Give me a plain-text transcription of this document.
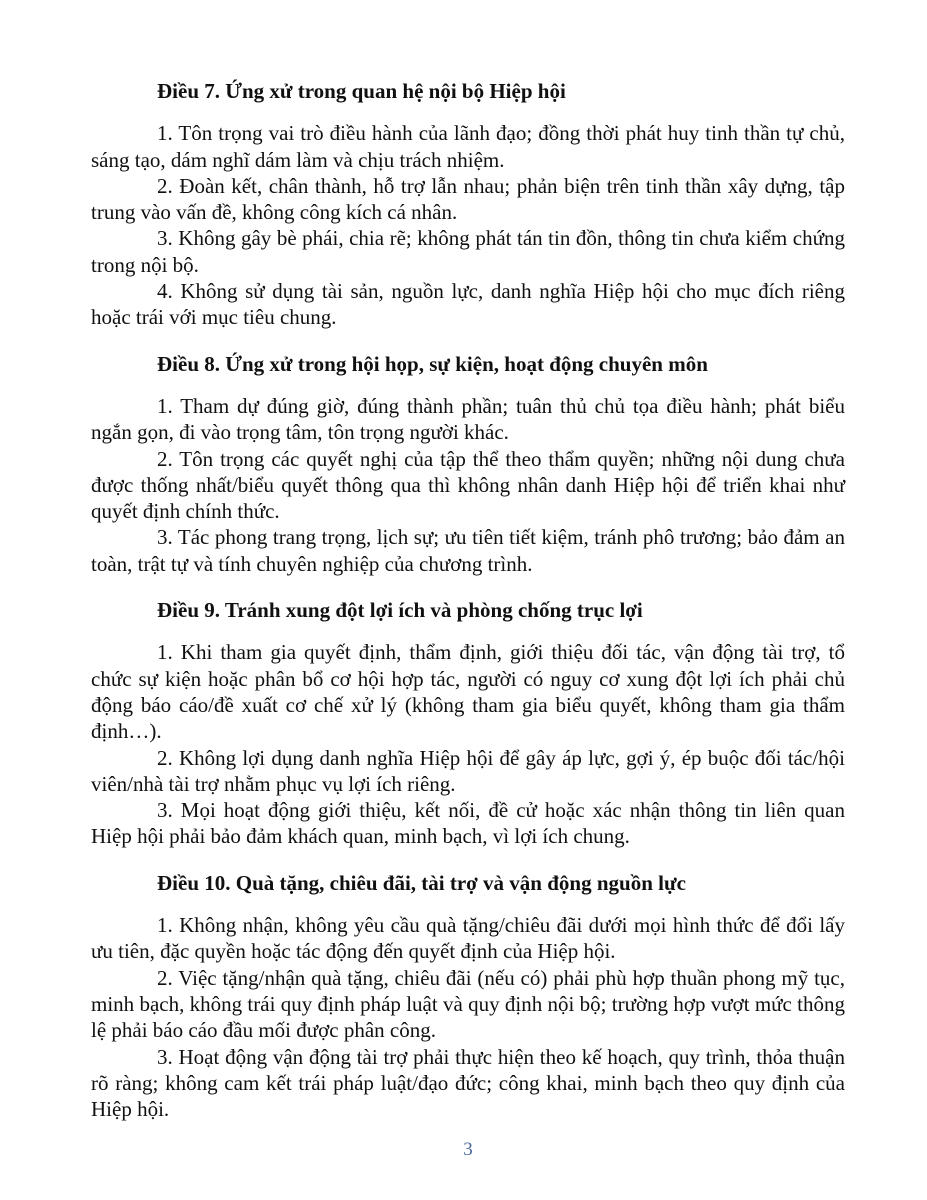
Điều 7. Ứng xử trong quan hệ nội bộ Hiệp hội

1. Tôn trọng vai trò điều hành của lãnh đạo; đồng thời phát huy tinh thần tự chủ, sáng tạo, dám nghĩ dám làm và chịu trách nhiệm.

2. Đoàn kết, chân thành, hỗ trợ lẫn nhau; phản biện trên tinh thần xây dựng, tập trung vào vấn đề, không công kích cá nhân.

3. Không gây bè phái, chia rẽ; không phát tán tin đồn, thông tin chưa kiểm chứng trong nội bộ.

4. Không sử dụng tài sản, nguồn lực, danh nghĩa Hiệp hội cho mục đích riêng hoặc trái với mục tiêu chung.

Điều 8. Ứng xử trong hội họp, sự kiện, hoạt động chuyên môn

1. Tham dự đúng giờ, đúng thành phần; tuân thủ chủ tọa điều hành; phát biểu ngắn gọn, đi vào trọng tâm, tôn trọng người khác.

2. Tôn trọng các quyết nghị của tập thể theo thẩm quyền; những nội dung chưa được thống nhất/biểu quyết thông qua thì không nhân danh Hiệp hội để triển khai như quyết định chính thức.

3. Tác phong trang trọng, lịch sự; ưu tiên tiết kiệm, tránh phô trương; bảo đảm an toàn, trật tự và tính chuyên nghiệp của chương trình.

Điều 9. Tránh xung đột lợi ích và phòng chống trục lợi

1. Khi tham gia quyết định, thẩm định, giới thiệu đối tác, vận động tài trợ, tổ chức sự kiện hoặc phân bổ cơ hội hợp tác, người có nguy cơ xung đột lợi ích phải chủ động báo cáo/đề xuất cơ chế xử lý (không tham gia biểu quyết, không tham gia thẩm định…).

2. Không lợi dụng danh nghĩa Hiệp hội để gây áp lực, gợi ý, ép buộc đối tác/hội viên/nhà tài trợ nhằm phục vụ lợi ích riêng.

3. Mọi hoạt động giới thiệu, kết nối, đề cử hoặc xác nhận thông tin liên quan Hiệp hội phải bảo đảm khách quan, minh bạch, vì lợi ích chung.

Điều 10. Quà tặng, chiêu đãi, tài trợ và vận động nguồn lực

1. Không nhận, không yêu cầu quà tặng/chiêu đãi dưới mọi hình thức để đổi lấy ưu tiên, đặc quyền hoặc tác động đến quyết định của Hiệp hội.

2. Việc tặng/nhận quà tặng, chiêu đãi (nếu có) phải phù hợp thuần phong mỹ tục, minh bạch, không trái quy định pháp luật và quy định nội bộ; trường hợp vượt mức thông lệ phải báo cáo đầu mối được phân công.

3. Hoạt động vận động tài trợ phải thực hiện theo kế hoạch, quy trình, thỏa thuận rõ ràng; không cam kết trái pháp luật/đạo đức; công khai, minh bạch theo quy định của Hiệp hội.

3
